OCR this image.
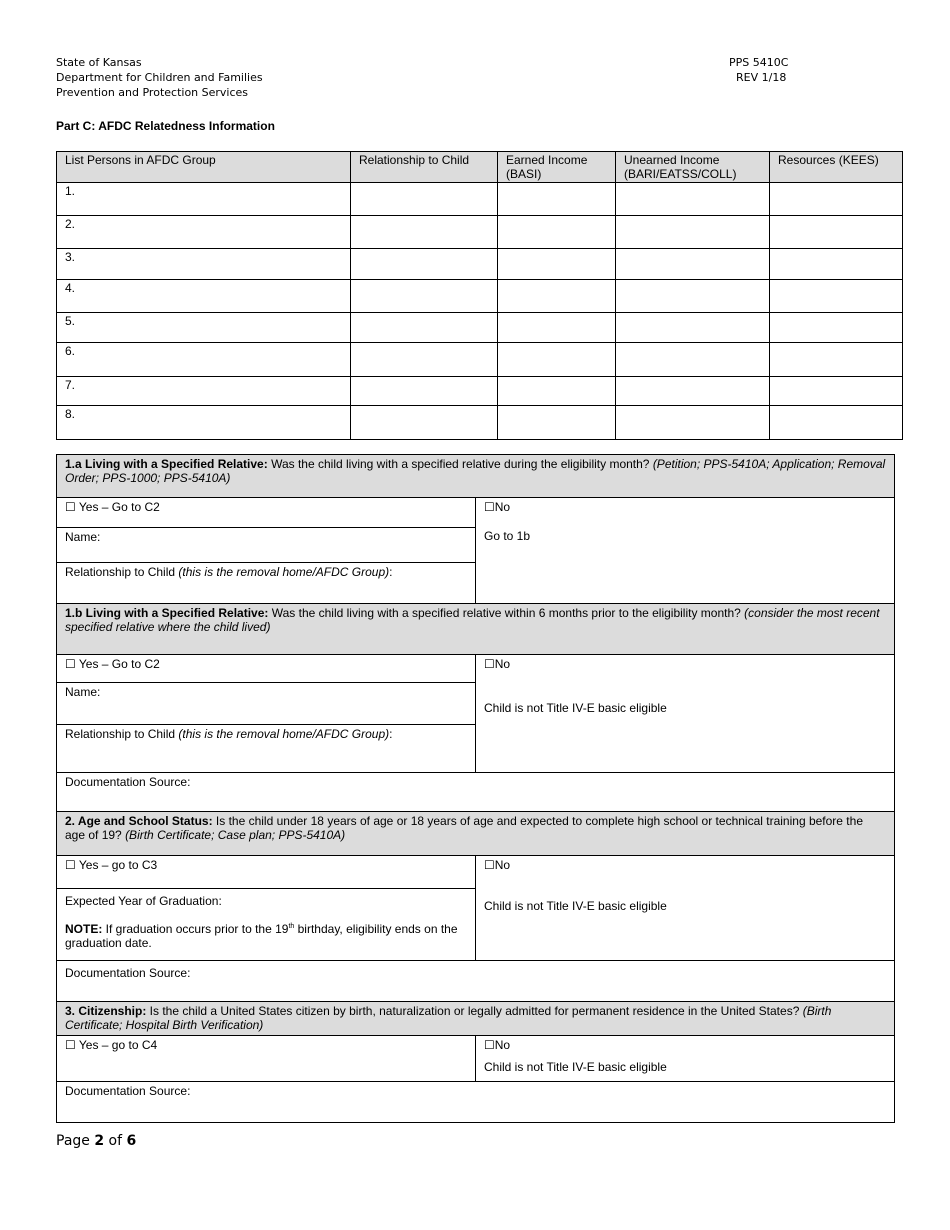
State of Kansas
Department for Children and Families
Prevention and Protection Services
PPS 5410C
REV 1/18
Part C: AFDC Relatedness Information
List Persons in AFDC Group	Relationship to Child	Earned Income (BASI)	Unearned Income (BARI/EATSS/COLL)	Resources (KEES)
1.				
2.				
3.				
4.				
5.				
6.				
7.				
8.				
1.a Living with a Specified Relative: Was the child living with a specified relative during the eligibility month? (Petition; PPS-5410A; Application; Removal Order; PPS-1000; PPS-5410A)
☐ Yes – Go to C2
Name:
Relationship to Child (this is the removal home/AFDC Group):
☐No
Go to 1b
1.b Living with a Specified Relative: Was the child living with a specified relative within 6 months prior to the eligibility month? (consider the most recent specified relative where the child lived)
☐ Yes – Go to C2
Name:
Relationship to Child (this is the removal home/AFDC Group):
☐No
Child is not Title IV-E basic eligible
Documentation Source:
2. Age and School Status: Is the child under 18 years of age or 18 years of age and expected to complete high school or technical training before the age of 19? (Birth Certificate; Case plan; PPS-5410A)
☐ Yes – go to C3
Expected Year of Graduation:
NOTE: If graduation occurs prior to the 19th birthday, eligibility ends on the graduation date.
☐No
Child is not Title IV-E basic eligible
Documentation Source:
3. Citizenship: Is the child a United States citizen by birth, naturalization or legally admitted for permanent residence in the United States? (Birth Certificate; Hospital Birth Verification)
☐ Yes – go to C4	☐No
Child is not Title IV-E basic eligible
Documentation Source:
Page 2 of 6
